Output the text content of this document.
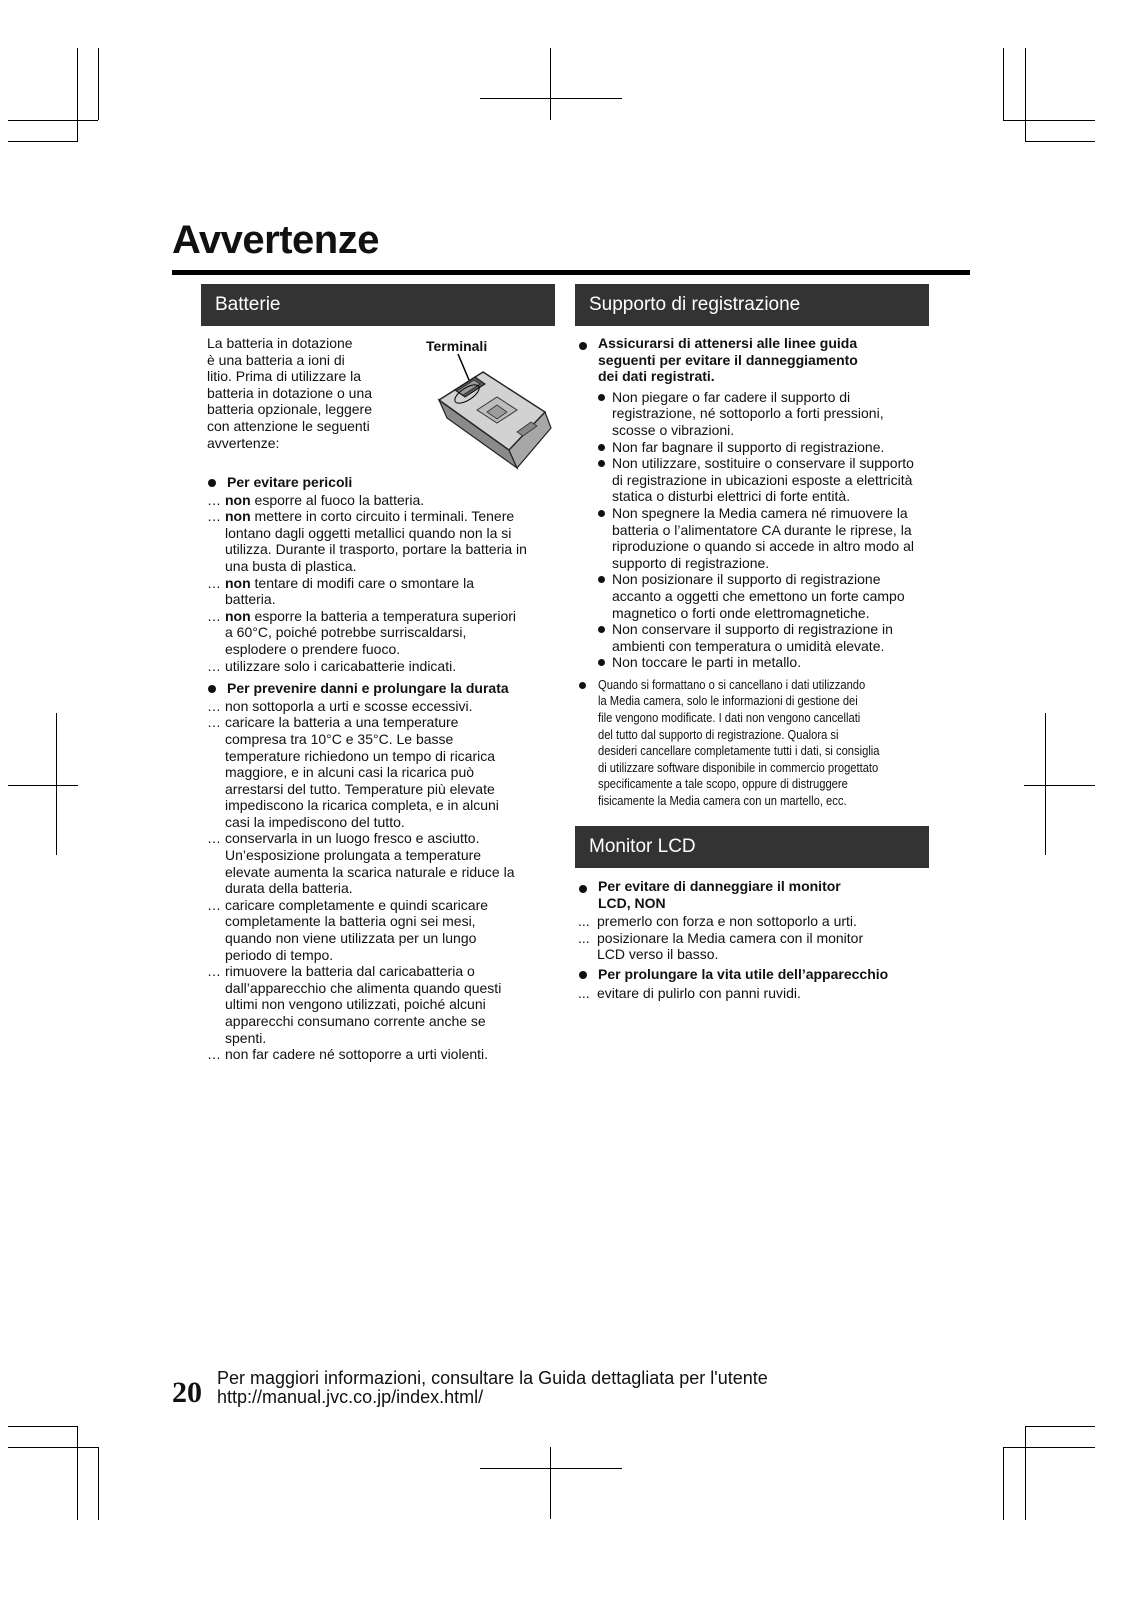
Avvertenze
Batterie
La batteria in dotazione
è una batteria a ioni di
litio. Prima di utilizzare la
batteria in dotazione o una
batteria opzionale, leggere
con attenzione le seguenti
avvertenze:
Terminali
Per evitare pericoli
… non esporre al fuoco la batteria.
… non mettere in corto circuito i terminali. Tenere
lontano dagli oggetti metallici quando non la si
utilizza. Durante il trasporto, portare la batteria in
una busta di plastica.
… non tentare di modifi care o smontare la
batteria.
… non esporre la batteria a temperatura superiori
a 60°C, poiché potrebbe surriscaldarsi,
esplodere o prendere fuoco.
… utilizzare solo i caricabatterie indicati.
Per prevenire danni e prolungare la durata
… non sottoporla a urti e scosse eccessivi.
… caricare la batteria a una temperature
compresa tra 10°C e 35°C. Le basse
temperature richiedono un tempo di ricarica
maggiore, e in alcuni casi la ricarica può
arrestarsi del tutto. Temperature più elevate
impediscono la ricarica completa, e in alcuni
casi la impediscono del tutto.
… conservarla in un luogo fresco e asciutto.
Un’esposizione prolungata a temperature
elevate aumenta la scarica naturale e riduce la
durata della batteria.
… caricare completamente e quindi scaricare
completamente la batteria ogni sei mesi,
quando non viene utilizzata per un lungo
periodo di tempo.
… rimuovere la batteria dal caricabatteria o
dall’apparecchio che alimenta quando questi
ultimi non vengono utilizzati, poiché alcuni
apparecchi consumano corrente anche se
spenti.
… non far cadere né sottoporre a urti violenti.
Supporto di registrazione
Assicurarsi di attenersi alle linee guida
seguenti per evitare il danneggiamento
dei dati registrati.
Non piegare o far cadere il supporto di
registrazione, né sottoporlo a forti pressioni,
scosse o vibrazioni.
Non far bagnare il supporto di registrazione.
Non utilizzare, sostituire o conservare il supporto
di registrazione in ubicazioni esposte a elettricità
statica o disturbi elettrici di forte entità.
Non spegnere la Media camera né rimuovere la
batteria o l’alimentatore CA durante le riprese, la
riproduzione o quando si accede in altro modo al
supporto di registrazione.
Non posizionare il supporto di registrazione
accanto a oggetti che emettono un forte campo
magnetico o forti onde elettromagnetiche.
Non conservare il supporto di registrazione in
ambienti con temperatura o umidità elevate.
Non toccare le parti in metallo.
Quando si formattano o si cancellano i dati utilizzando
la Media camera, solo le informazioni di gestione dei
file vengono modificate. I dati non vengono cancellati
del tutto dal supporto di registrazione. Qualora si
desideri cancellare completamente tutti i dati, si consiglia
di utilizzare software disponibile in commercio progettato
specificamente a tale scopo, oppure di distruggere
fisicamente la Media camera con un martello, ecc.
Monitor LCD
Per evitare di danneggiare il monitor
LCD, NON
... premerlo con forza e non sottoporlo a urti.
... posizionare la Media camera con il monitor
LCD verso il basso.
Per prolungare la vita utile dell’apparecchio
... evitare di pulirlo con panni ruvidi.
20 Per maggiori informazioni, consultare la Guida dettagliata per l'utente
http://manual.jvc.co.jp/index.html/
